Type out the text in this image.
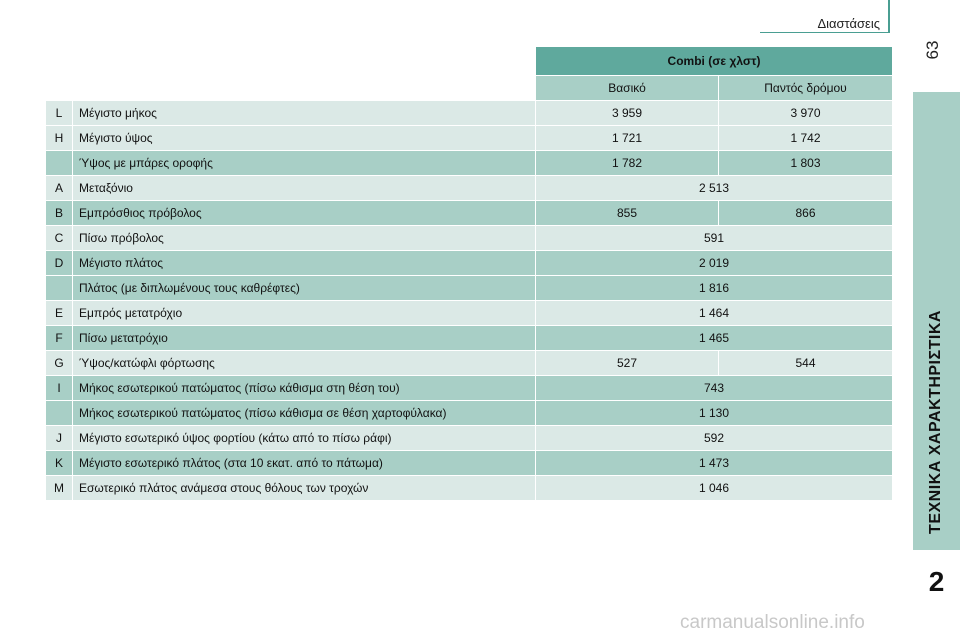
Διαστάσεις
63
ΤΕΧΝΙΚΑ ΧΑΡΑΚΤΗΡΙΣΤΙΚΑ
2
		Combi (σε χλστ)	
		Βασικό	Παντός δρόμου
L	Μέγιστο μήκος	3 959	3 970
H	Μέγιστο ύψος	1 721	1 742
	Ύψος με μπάρες οροφής	1 782	1 803
A	Μεταξόνιο	2 513	
B	Εμπρόσθιος πρόβολος	855	866
C	Πίσω πρόβολος	591	
D	Μέγιστο πλάτος	2 019	
	Πλάτος (με διπλωμένους τους καθρέφτες)	1 816	
E	Εμπρός μετατρόχιο	1 464	
F	Πίσω μετατρόχιο	1 465	
G	Ύψος/κατώφλι φόρτωσης	527	544
I	Μήκος εσωτερικού πατώματος (πίσω κάθισμα στη θέση του)	743	
	Μήκος εσωτερικού πατώματος (πίσω κάθισμα σε θέση χαρτοφύλακα)	1 130	
J	Μέγιστο εσωτερικό ύψος φορτίου (κάτω από το πίσω ράφι)	592	
K	Μέγιστο εσωτερικό πλάτος (στα 10 εκατ. από το πάτωμα)	1 473	
M	Εσωτερικό πλάτος ανάμεσα στους θόλους των τροχών	1 046	
carmanualsonline.info
